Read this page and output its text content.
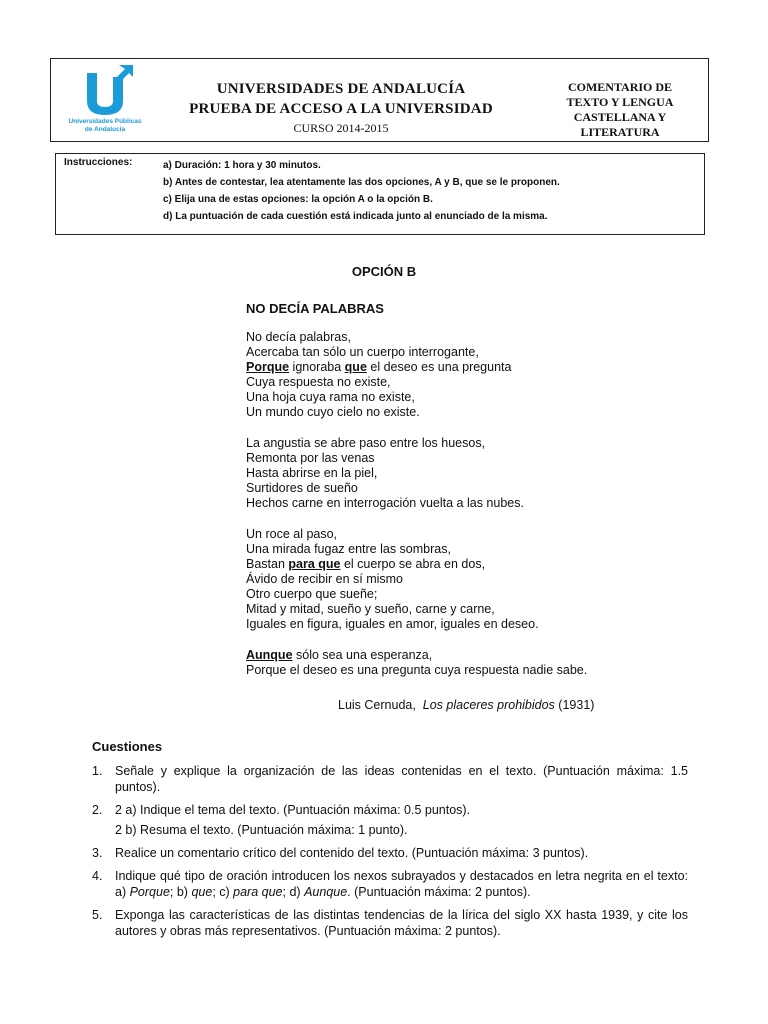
Universidades Públicas
de Andalucía
UNIVERSIDADES DE ANDALUCÍA
PRUEBA DE ACCESO A LA UNIVERSIDAD
CURSO 2014-2015
COMENTARIO DE
TEXTO Y LENGUA
CASTELLANA Y
LITERATURA
Instrucciones:	a) Duración: 1 hora y 30 minutos.
b) Antes de contestar, lea atentamente las dos opciones, A y B, que se le proponen.
c) Elija una de estas opciones: la opción A o la opción B.
d) La puntuación de cada cuestión está indicada junto al enunciado de la misma.
OPCIÓN B
NO DECÍA PALABRAS
No decía palabras,
Acercaba tan sólo un cuerpo interrogante,
Porque ignoraba que el deseo es una pregunta
Cuya respuesta no existe,
Una hoja cuya rama no existe,
Un mundo cuyo cielo no existe.
La angustia se abre paso entre los huesos,
Remonta por las venas
Hasta abrirse en la piel,
Surtidores de sueño
Hechos carne en interrogación vuelta a las nubes.
Un roce al paso,
Una mirada fugaz entre las sombras,
Bastan para que el cuerpo se abra en dos,
Ávido de recibir en sí mismo
Otro cuerpo que sueñe;
Mitad y mitad, sueño y sueño, carne y carne,
Iguales en figura, iguales en amor, iguales en deseo.
Aunque sólo sea una esperanza,
Porque el deseo es una pregunta cuya respuesta nadie sabe.
Luis Cernuda, Los placeres prohibidos (1931)
Cuestiones
1. Señale y explique la organización de las ideas contenidas en el texto. (Puntuación máxima: 1.5 puntos).
2. 2 a) Indique el tema del texto. (Puntuación máxima: 0.5 puntos).
2 b) Resuma el texto. (Puntuación máxima: 1 punto).
3. Realice un comentario crítico del contenido del texto. (Puntuación máxima: 3 puntos).
4. Indique qué tipo de oración introducen los nexos subrayados y destacados en letra negrita en el texto: a) Porque; b) que; c) para que; d) Aunque. (Puntuación máxima: 2 puntos).
5. Exponga las características de las distintas tendencias de la lírica del siglo XX hasta 1939, y cite los autores y obras más representativos. (Puntuación máxima: 2 puntos).
